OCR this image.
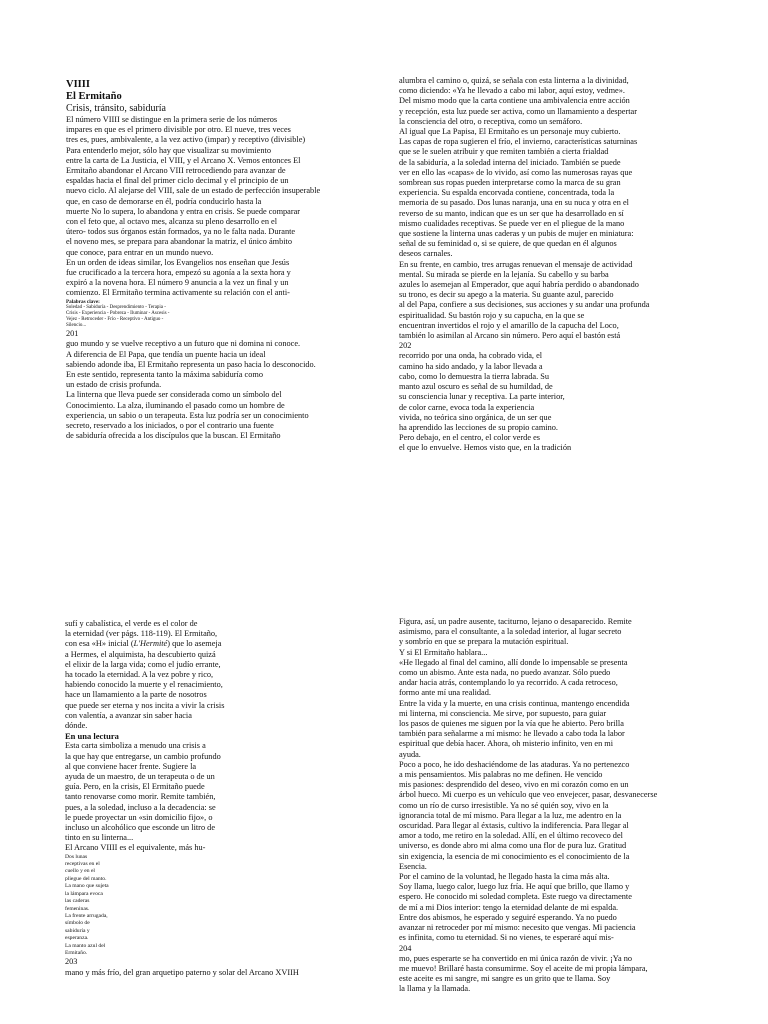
VIIII
El Ermitaño
Crisis, tránsito, sabiduría
El número VIIII se distingue en la primera serie de los números
impares en que es el primero divisible por otro. El nueve, tres veces
tres es, pues, ambivalente, a la vez activo (impar) y receptivo (divisible)
Para entenderlo mejor, sólo hay que visualizar su movimiento
entre la carta de La Justicia, el VIII, y el Arcano X. Vemos entonces El
Ermitaño abandonar el Arcano VIII retrocediendo para avanzar de
espaldas hacia el final del primer ciclo decimal y el principio de un
nuevo ciclo. Al alejarse del VIII, sale de un estado de perfección insuperable
que, en caso de demorarse en él, podría conducirlo hasta la
muerte No lo supera, lo abandona y entra en crisis. Se puede comparar
con el feto que, al octavo mes, alcanza su pleno desarrollo en el
útero- todos sus órganos están formados, ya no le falta nada. Durante
el noveno mes, se prepara para abandonar la matriz, el único ámbito
que conoce, para entrar en un mundo nuevo.
En un orden de ideas similar, los Evangelios nos enseñan que Jesús
fue crucificado a la tercera hora, empezó su agonía a la sexta hora y
expiró a la novena hora. El número 9 anuncia a la vez un final y un
comienzo. El Ermitaño termina activamente su relación con el anti-
Palabras clave:
Soledad - Sabiduría - Desprendimiento - Terapia -
Crisis - Experiencia - Pobreza - Iluminar - Ascesis -
Vejez - Retroceder - Frío - Receptivo - Antiguo -
Silencio...
201
guo mundo y se vuelve receptivo a un futuro que ni domina ni conoce.
A diferencia de El Papa, que tendía un puente hacia un ideal
sabiendo adonde iba, El Ermitaño representa un paso hacia lo desconocido.
En este sentido, representa tanto la máxima sabiduría como
un estado de crisis profunda.
La linterna que lleva puede ser considerada como un símbolo del
Conocimiento. La alza, iluminando el pasado como un hombre de
experiencia, un sabio o un terapeuta. Esta luz podría ser un conocimiento
secreto, reservado a los iniciados, o por el contrario una fuente
de sabiduría ofrecida a los discípulos que la buscan. El Ermitaño
alumbra el camino o, quizá, se señala con esta linterna a la divinidad,
como diciendo: «Ya he llevado a cabo mi labor, aquí estoy, vedme».
Del mismo modo que la carta contiene una ambivalencia entre acción
y recepción, esta luz puede ser activa, como un llamamiento a despertar
la consciencia del otro, o receptiva, como un semáforo.
Al igual que La Papisa, El Ermitaño es un personaje muy cubierto.
Las capas de ropa sugieren el frío, el invierno, características saturninas
que se le suelen atribuir y que remiten también a cierta frialdad
de la sabiduría, a la soledad interna del iniciado. También se puede
ver en ello las «capas» de lo vivido, así como las numerosas rayas que
sombrean sus ropas pueden interpretarse como la marca de su gran
experiencia. Su espalda encorvada contiene, concentrada, toda la
memoria de su pasado. Dos lunas naranja, una en su nuca y otra en el
reverso de su manto, indican que es un ser que ha desarrollado en sí
mismo cualidades receptivas. Se puede ver en el pliegue de la mano
que sostiene la linterna unas caderas y un pubis de mujer en miniatura:
señal de su feminidad o, si se quiere, de que quedan en él algunos
deseos carnales.
En su frente, en cambio, tres arrugas renuevan el mensaje de actividad
mental. Su mirada se pierde en la lejanía. Su cabello y su barba
azules lo asemejan al Emperador, que aquí habría perdido o abandonado
su trono, es decir su apego a la materia. Su guante azul, parecido
al del Papa, confiere a sus decisiones, sus acciones y su andar una profunda
espiritualidad. Su bastón rojo y su capucha, en la que se
encuentran invertidos el rojo y el amarillo de la capucha del Loco,
también lo asimilan al Arcano sin número. Pero aquí el bastón está
202
recorrido por una onda, ha cobrado vida, el
camino ha sido andado, y la labor llevada a
cabo, como lo demuestra la tierra labrada. Su
manto azul oscuro es señal de su humildad, de
su consciencia lunar y receptiva. La parte interior,
de color carne, evoca toda la experiencia
vivida, no teórica sino orgánica, de un ser que
ha aprendido las lecciones de su propio camino.
Pero debajo, en el centro, el color verde es
el que lo envuelve. Hemos visto que, en la tradición
sufí y cabalística, el verde es el color de
la eternidad (ver págs. 118-119). El Ermitaño,
con esa «H» inicial (L'Hermité) que lo asemeja
a Hermes, el alquimista, ha descubierto quizá
el elixir de la larga vida; como el judío errante,
ha tocado la eternidad. A la vez pobre y rico,
habiendo conocido la muerte y el renacimiento,
hace un llamamiento a la parte de nosotros
que puede ser eterna y nos incita a vivir la crisis
con valentía, a avanzar sin saber hacia
dónde.
En una lectura
Esta carta simboliza a menudo una crisis a
la que hay que entregarse, un cambio profundo
al que conviene hacer frente. Sugiere la
ayuda de un maestro, de un terapeuta o de un
guía. Pero, en la crisis, El Ermitaño puede
tanto renovarse como morir. Remite también,
pues, a la soledad, incluso a la decadencia: se
le puede proyectar un «sin domicilio fijo», o
incluso un alcohólico que esconde un litro de
tinto en su linterna...
El Arcano VIIII es el equivalente, más hu-
Dos lunas
receptivas en el
cuello y en el
pliegue del manto.
La mano que sujeta
la lámpara evoca
las caderas
femeninas.
La frente arrugada,
símbolo de
sabiduría y
esperanza.
La manto azul del
Ermitaño.
203
mano y más frío, del gran arquetipo paterno y solar del Arcano XVIIH
Figura, así, un padre ausente, taciturno, lejano o desaparecido. Remite
asimismo, para el consultante, a la soledad interior, al lugar secreto
y sombrío en que se prepara la mutación espiritual.
Y si El Ermitaño hablara...
«He llegado al final del camino, allí donde lo impensable se presenta
como un abismo. Ante esta nada, no puedo avanzar. Sólo puedo
andar hacia atrás, contemplando lo ya recorrido. A cada retroceso,
formo ante mí una realidad.
Entre la vida y la muerte, en una crisis continua, mantengo encendida
mi linterna, mi consciencia. Me sirve, por supuesto, para guiar
los pasos de quienes me siguen por la vía que he abierto. Pero brilla
también para señalarme a mí mismo: he llevado a cabo toda la labor
espiritual que debía hacer. Ahora, oh misterio infinito, ven en mi
ayuda.
Poco a poco, he ido deshaciéndome de las ataduras. Ya no pertenezco
a mis pensamientos. Mis palabras no me definen. He vencido
mis pasiones: desprendido del deseo, vivo en mi corazón como en un
árbol hueco. Mi cuerpo es un vehículo que veo envejecer, pasar, desvanecerse
como un río de curso irresistible. Ya no sé quién soy, vivo en la
ignorancia total de mí mismo. Para llegar a la luz, me adentro en la
oscuridad. Para llegar al éxtasis, cultivo la indiferencia. Para llegar al
amor a todo, me retiro en la soledad. Allí, en el último recoveco del
universo, es donde abro mi alma como una flor de pura luz. Gratitud
sin exigencia, la esencia de mi conocimiento es el conocimiento de la
Esencia.
Por el camino de la voluntad, he llegado hasta la cima más alta.
Soy llama, luego calor, luego luz fría. He aquí que brillo, que llamo y
espero. He conocido mi soledad completa. Este ruego va directamente
de mí a mi Dios interior: tengo la eternidad delante de mi espalda.
Entre dos abismos, he esperado y seguiré esperando. Ya no puedo
avanzar ni retroceder por mí mismo: necesito que vengas. Mi paciencia
es infinita, como tu eternidad. Si no vienes, te esperaré aquí mis-
204
mo, pues esperarte se ha convertido en mi única razón de vivir. ¡Ya no
me muevo! Brillaré hasta consumirme. Soy el aceite de mi propia lámpara,
este aceite es mi sangre, mi sangre es un grito que te llama. Soy
la llama y la llamada.
